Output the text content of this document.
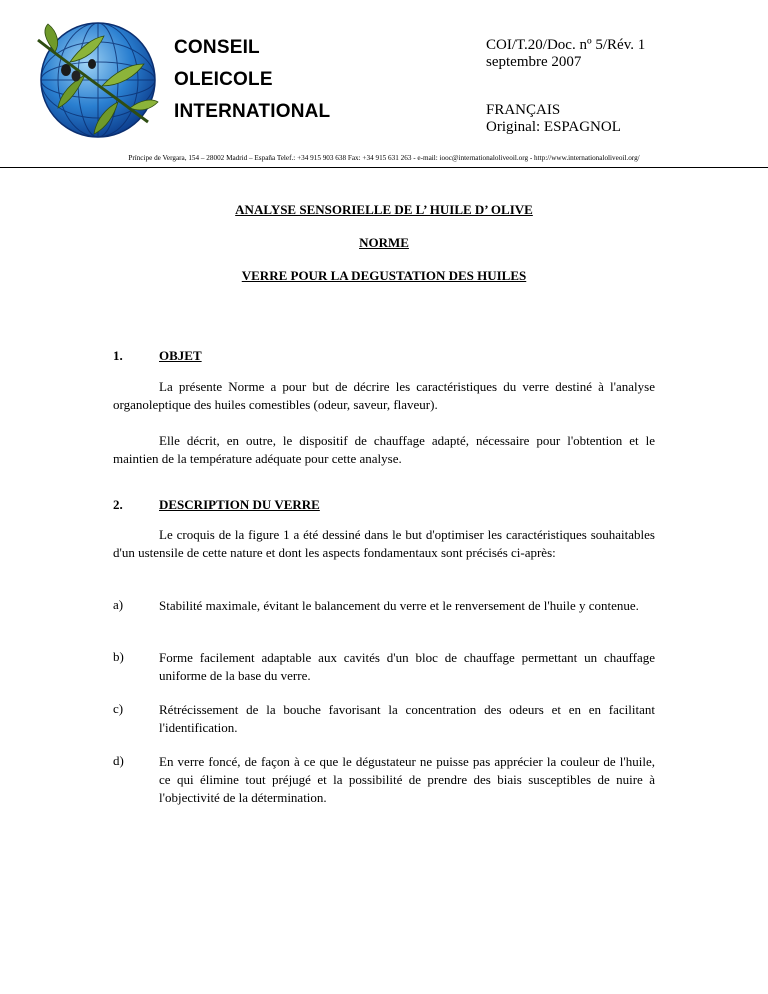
CONSEIL
OLEICOLE
INTERNATIONAL
COI/T.20/Doc. nº 5/Rév. 1
septembre 2007
FRANÇAIS
Original: ESPAGNOL
Príncipe de Vergara, 154 – 28002 Madrid – España Telef.: +34 915 903 638 Fax: +34 915 631 263 - e-mail: iooc@internationaloliveoil.org - http://www.internationaloliveoil.org/
ANALYSE SENSORIELLE DE L’ HUILE D’ OLIVE
NORME
VERRE POUR LA DEGUSTATION DES HUILES
1.	OBJET

La présente Norme a pour but de décrire les caractéristiques du verre destiné à l'analyse organoleptique des huiles comestibles (odeur, saveur, flaveur).

Elle décrit, en outre, le dispositif de chauffage adapté, nécessaire pour l'obtention et le maintien de la température adéquate pour cette analyse.

2.	DESCRIPTION DU VERRE

Le croquis de la figure 1 a été dessiné dans le but d'optimiser les caractéristiques souhaitables d'un ustensile de cette nature et dont les aspects fondamentaux sont précisés ci-après:

a)	Stabilité maximale, évitant le balancement du verre et le renversement de l'huile y contenue.

b)	Forme facilement adaptable aux cavités d'un bloc de chauffage permettant un chauffage uniforme de la base du verre.

c)	Rétrécissement de la bouche favorisant la concentration des odeurs et en en facilitant l'identification.

d)	En verre foncé, de façon à ce que le dégustateur ne puisse pas apprécier la couleur de l'huile, ce qui élimine tout préjugé et la possibilité de prendre des biais susceptibles de nuire à l'objectivité de la détermination.
